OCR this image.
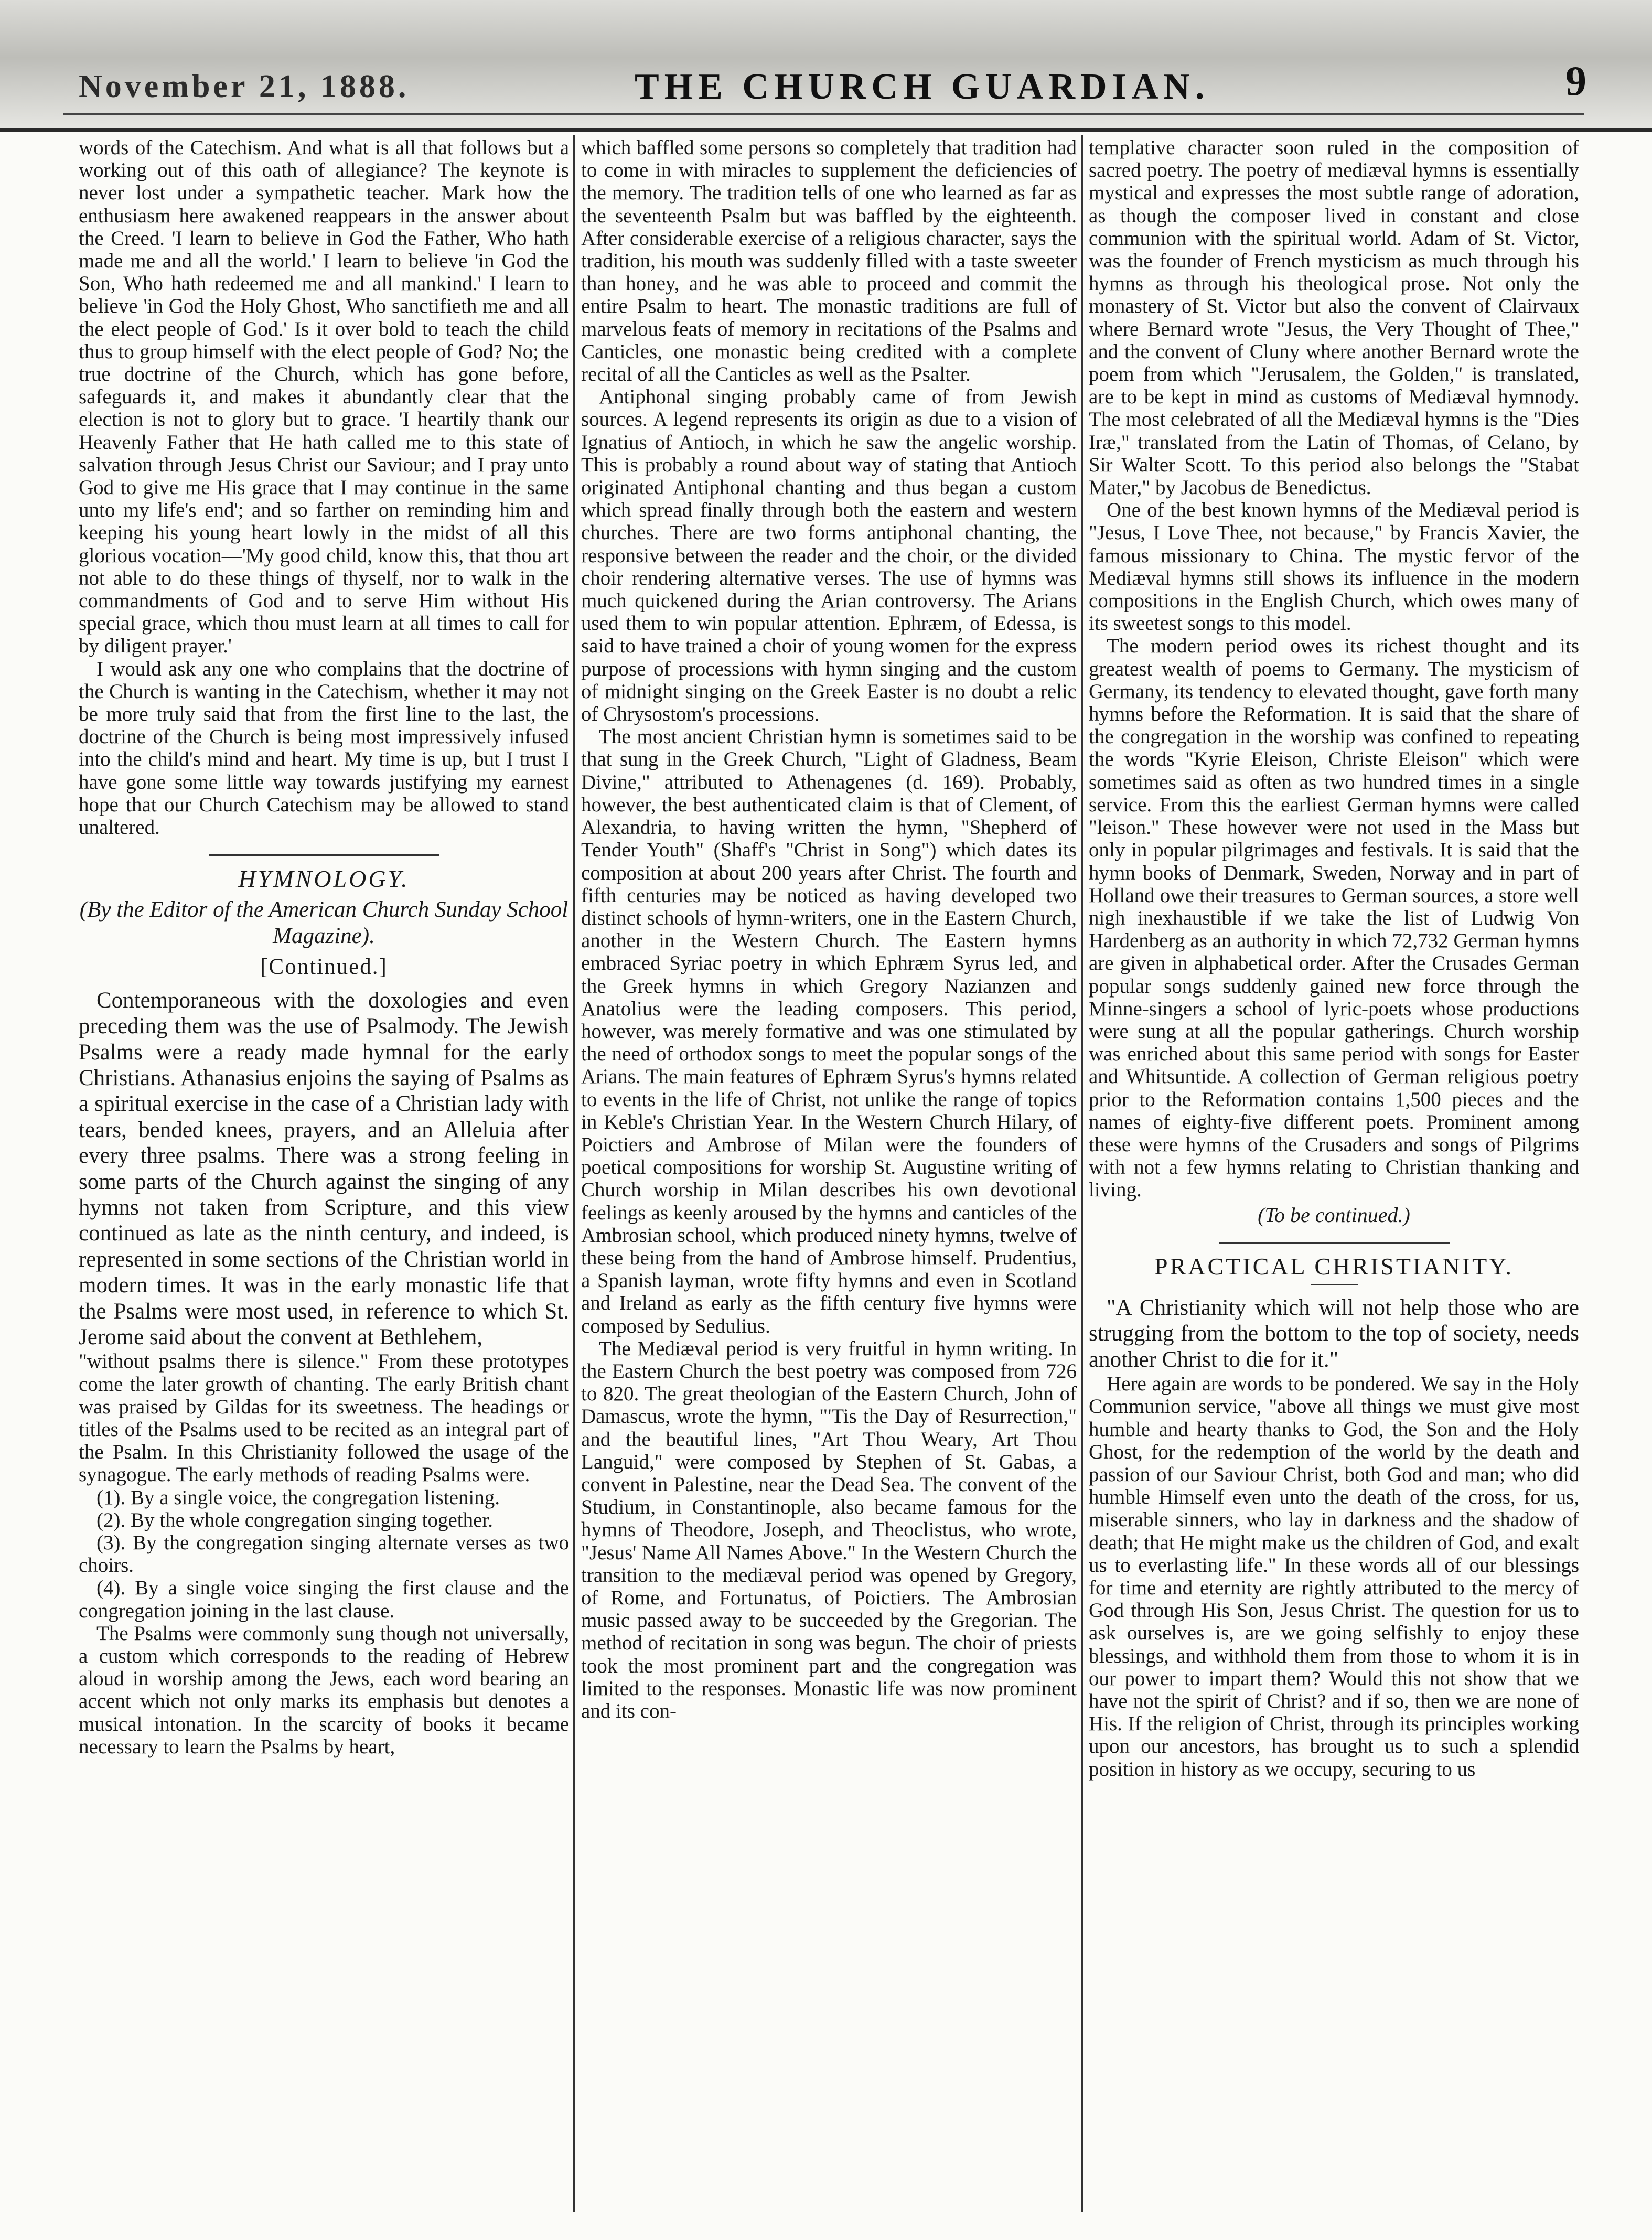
November 21, 1888.	THE CHURCH GUARDIAN.	9

words of the Catechism. And what is all that follows but a working out of this oath of allegiance? The keynote is never lost under a sympathetic teacher. Mark how the enthusiasm here awakened reappears in the answer about the Creed. 'I learn to believe in God the Father, Who hath made me and all the world.' I learn to believe 'in God the Son, Who hath redeemed me and all mankind.' I learn to believe 'in God the Holy Ghost, Who sanctifieth me and all the elect people of God.' Is it over bold to teach the child thus to group himself with the elect people of God? No; the true doctrine of the Church, which has gone before, safeguards it, and makes it abundantly clear that the election is not to glory but to grace. 'I heartily thank our Heavenly Father that He hath called me to this state of salvation through Jesus Christ our Saviour; and I pray unto God to give me His grace that I may continue in the same unto my life's end'; and so farther on reminding him and keeping his young heart lowly in the midst of all this glorious vocation—'My good child, know this, that thou art not able to do these things of thyself, nor to walk in the commandments of God and to serve Him without His special grace, which thou must learn at all times to call for by diligent prayer.'

I would ask any one who complains that the doctrine of the Church is wanting in the Catechism, whether it may not be more truly said that from the first line to the last, the doctrine of the Church is being most impressively infused into the child's mind and heart. My time is up, but I trust I have gone some little way towards justifying my earnest hope that our Church Catechism may be allowed to stand unaltered.

HYMNOLOGY.
(By the Editor of the American Church Sunday School Magazine).
[Continued.]

Contemporaneous with the doxologies and even preceding them was the use of Psalmody. The Jewish Psalms were a ready made hymnal for the early Christians. Athanasius enjoins the saying of Psalms as a spiritual exercise in the case of a Christian lady with tears, bended knees, prayers, and an Alleluia after every three psalms. There was a strong feeling in some parts of the Church against the singing of any hymns not taken from Scripture, and this view continued as late as the ninth century, and indeed, is represented in some sections of the Christian world in modern times. It was in the early monastic life that the Psalms were most used, in reference to which St. Jerome said about the convent at Bethlehem,

"without psalms there is silence." From these prototypes come the later growth of chanting. The early British chant was praised by Gildas for its sweetness. The headings or titles of the Psalms used to be recited as an integral part of the Psalm. In this Christianity followed the usage of the synagogue. The early methods of reading Psalms were.

(1). By a single voice, the congregation listening.

(2). By the whole congregation singing together.

(3). By the congregation singing alternate verses as two choirs.

(4). By a single voice singing the first clause and the congregation joining in the last clause.

The Psalms were commonly sung though not universally, a custom which corresponds to the reading of Hebrew aloud in worship among the Jews, each word bearing an accent which not only marks its emphasis but denotes a musical intonation. In the scarcity of books it became necessary to learn the Psalms by heart,

which baffled some persons so completely that tradition had to come in with miracles to supplement the deficiencies of the memory. The tradition tells of one who learned as far as the seventeenth Psalm but was baffled by the eighteenth. After considerable exercise of a religious character, says the tradition, his mouth was suddenly filled with a taste sweeter than honey, and he was able to proceed and commit the entire Psalm to heart. The monastic traditions are full of marvelous feats of memory in recitations of the Psalms and Canticles, one monastic being credited with a complete recital of all the Canticles as well as the Psalter.

Antiphonal singing probably came of from Jewish sources. A legend represents its origin as due to a vision of Ignatius of Antioch, in which he saw the angelic worship. This is probably a round about way of stating that Antioch originated Antiphonal chanting and thus began a custom which spread finally through both the eastern and western churches. There are two forms antiphonal chanting, the responsive between the reader and the choir, or the divided choir rendering alternative verses. The use of hymns was much quickened during the Arian controversy. The Arians used them to win popular attention. Ephræm, of Edessa, is said to have trained a choir of young women for the express purpose of processions with hymn singing and the custom of midnight singing on the Greek Easter is no doubt a relic of Chrysostom's processions.

The most ancient Christian hymn is sometimes said to be that sung in the Greek Church, "Light of Gladness, Beam Divine," attributed to Athenagenes (d. 169). Probably, however, the best authenticated claim is that of Clement, of Alexandria, to having written the hymn, "Shepherd of Tender Youth" (Shaff's "Christ in Song") which dates its composition at about 200 years after Christ. The fourth and fifth centuries may be noticed as having developed two distinct schools of hymn-writers, one in the Eastern Church, another in the Western Church. The Eastern hymns embraced Syriac poetry in which Ephræm Syrus led, and the Greek hymns in which Gregory Nazianzen and Anatolius were the leading composers. This period, however, was merely formative and was one stimulated by the need of orthodox songs to meet the popular songs of the Arians. The main features of Ephræm Syrus's hymns related to events in the life of Christ, not unlike the range of topics in Keble's Christian Year. In the Western Church Hilary, of Poictiers and Ambrose of Milan were the founders of poetical compositions for worship St. Augustine writing of Church worship in Milan describes his own devotional feelings as keenly aroused by the hymns and canticles of the Ambrosian school, which produced ninety hymns, twelve of these being from the hand of Ambrose himself. Prudentius, a Spanish layman, wrote fifty hymns and even in Scotland and Ireland as early as the fifth century five hymns were composed by Sedulius.

The Mediæval period is very fruitful in hymn writing. In the Eastern Church the best poetry was composed from 726 to 820. The great theologian of the Eastern Church, John of Damascus, wrote the hymn, "'Tis the Day of Resurrection," and the beautiful lines, "Art Thou Weary, Art Thou Languid," were composed by Stephen of St. Gabas, a convent in Palestine, near the Dead Sea. The convent of the Studium, in Constantinople, also became famous for the hymns of Theodore, Joseph, and Theoclistus, who wrote, "Jesus' Name All Names Above." In the Western Church the transition to the mediæval period was opened by Gregory, of Rome, and Fortunatus, of Poictiers. The Ambrosian music passed away to be succeeded by the Gregorian. The method of recitation in song was begun. The choir of priests took the most prominent part and the congregation was limited to the responses. Monastic life was now prominent and its con-

templative character soon ruled in the composition of sacred poetry. The poetry of mediæval hymns is essentially mystical and expresses the most subtle range of adoration, as though the composer lived in constant and close communion with the spiritual world. Adam of St. Victor, was the founder of French mysticism as much through his hymns as through his theological prose. Not only the monastery of St. Victor but also the convent of Clairvaux where Bernard wrote "Jesus, the Very Thought of Thee," and the convent of Cluny where another Bernard wrote the poem from which "Jerusalem, the Golden," is translated, are to be kept in mind as customs of Mediæval hymnody. The most celebrated of all the Mediæval hymns is the "Dies Iræ," translated from the Latin of Thomas, of Celano, by Sir Walter Scott. To this period also belongs the "Stabat Mater," by Jacobus de Benedictus.

One of the best known hymns of the Mediæval period is "Jesus, I Love Thee, not because," by Francis Xavier, the famous missionary to China. The mystic fervor of the Mediæval hymns still shows its influence in the modern compositions in the English Church, which owes many of its sweetest songs to this model.

The modern period owes its richest thought and its greatest wealth of poems to Germany. The mysticism of Germany, its tendency to elevated thought, gave forth many hymns before the Reformation. It is said that the share of the congregation in the worship was confined to repeating the words "Kyrie Eleison, Christe Eleison" which were sometimes said as often as two hundred times in a single service. From this the earliest German hymns were called "leison." These however were not used in the Mass but only in popular pilgrimages and festivals. It is said that the hymn books of Denmark, Sweden, Norway and in part of Holland owe their treasures to German sources, a store well nigh inexhaustible if we take the list of Ludwig Von Hardenberg as an authority in which 72,732 German hymns are given in alphabetical order. After the Crusades German popular songs suddenly gained new force through the Minne-singers a school of lyric-poets whose productions were sung at all the popular gatherings. Church worship was enriched about this same period with songs for Easter and Whitsuntide. A collection of German religious poetry prior to the Reformation contains 1,500 pieces and the names of eighty-five different poets. Prominent among these were hymns of the Crusaders and songs of Pilgrims with not a few hymns relating to Christian thanking and living.

(To be continued.)
PRACTICAL CHRISTIANITY.

"A Christianity which will not help those who are strugging from the bottom to the top of society, needs another Christ to die for it."

Here again are words to be pondered. We say in the Holy Communion service, "above all things we must give most humble and hearty thanks to God, the Son and the Holy Ghost, for the redemption of the world by the death and passion of our Saviour Christ, both God and man; who did humble Himself even unto the death of the cross, for us, miserable sinners, who lay in darkness and the shadow of death; that He might make us the children of God, and exalt us to everlasting life." In these words all of our blessings for time and eternity are rightly attributed to the mercy of God through His Son, Jesus Christ. The question for us to ask ourselves is, are we going selfishly to enjoy these blessings, and withhold them from those to whom it is in our power to impart them? Would this not show that we have not the spirit of Christ? and if so, then we are none of His. If the religion of Christ, through its principles working upon our ancestors, has brought us to such a splendid position in history as we occupy, securing to us
